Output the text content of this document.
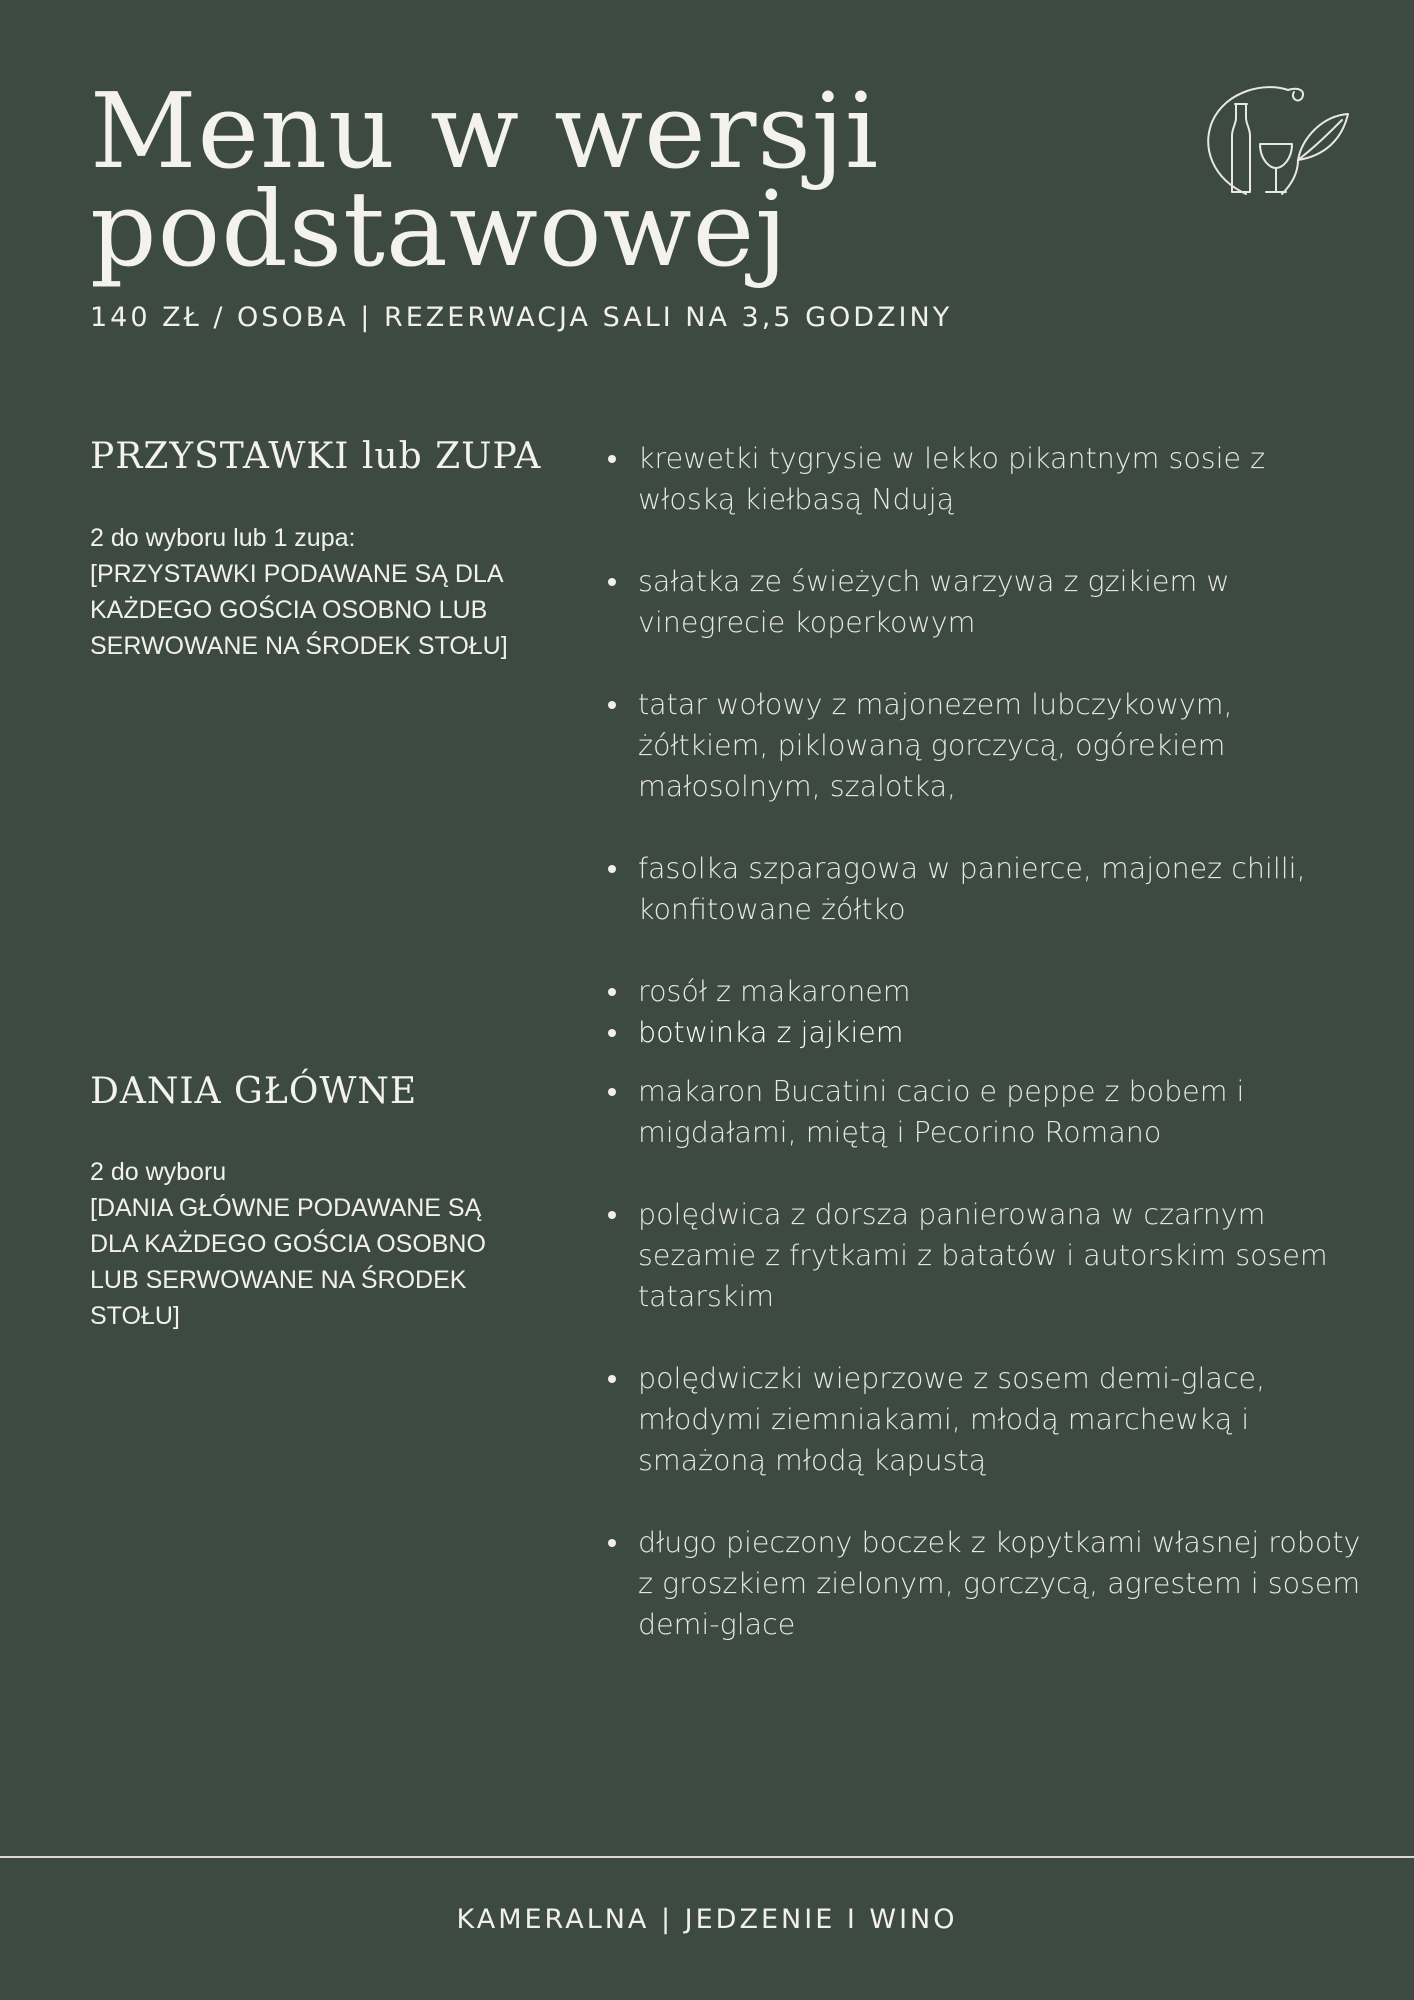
Menu w wersji
podstawowej

140 ZŁ / OSOBA | REZERWACJA SALI NA 3,5 GODZINY

PRZYSTAWKI lub ZUPA

2 do wyboru lub 1 zupa:
[PRZYSTAWKI PODAWANE SĄ DLA
KAŻDEGO GOŚCIA OSOBNO LUB
SERWOWANE NA ŚRODEK STOŁU]

krewetki tygrysie w lekko pikantnym sosie z włoską kiełbasą Ndują
sałatka ze świeżych warzywa z gzikiem w vinegrecie koperkowym
tatar wołowy z majonezem lubczykowym, żółtkiem, piklowaną gorczycą, ogórekiem małosolnym, szalotka,
fasolka szparagowa w panierce, majonez chilli, konfitowane żółtko
rosół z makaronem
botwinka z jajkiem
DANIA GŁÓWNE

2 do wyboru
[DANIA GŁÓWNE PODAWANE SĄ
DLA KAŻDEGO GOŚCIA OSOBNO
LUB SERWOWANE NA ŚRODEK
STOŁU]

makaron Bucatini cacio e peppe z bobem i migdałami, miętą i Pecorino Romano
polędwica z dorsza panierowana w czarnym sezamie z frytkami z batatów i autorskim sosem tatarskim
polędwiczki wieprzowe z sosem demi-glace, młodymi ziemniakami, młodą marchewką i smażoną młodą kapustą
długo pieczony boczek z kopytkami własnej roboty z groszkiem zielonym, gorczycą, agrestem i sosem demi-glace

KAMERALNA | JEDZENIE I WINO
